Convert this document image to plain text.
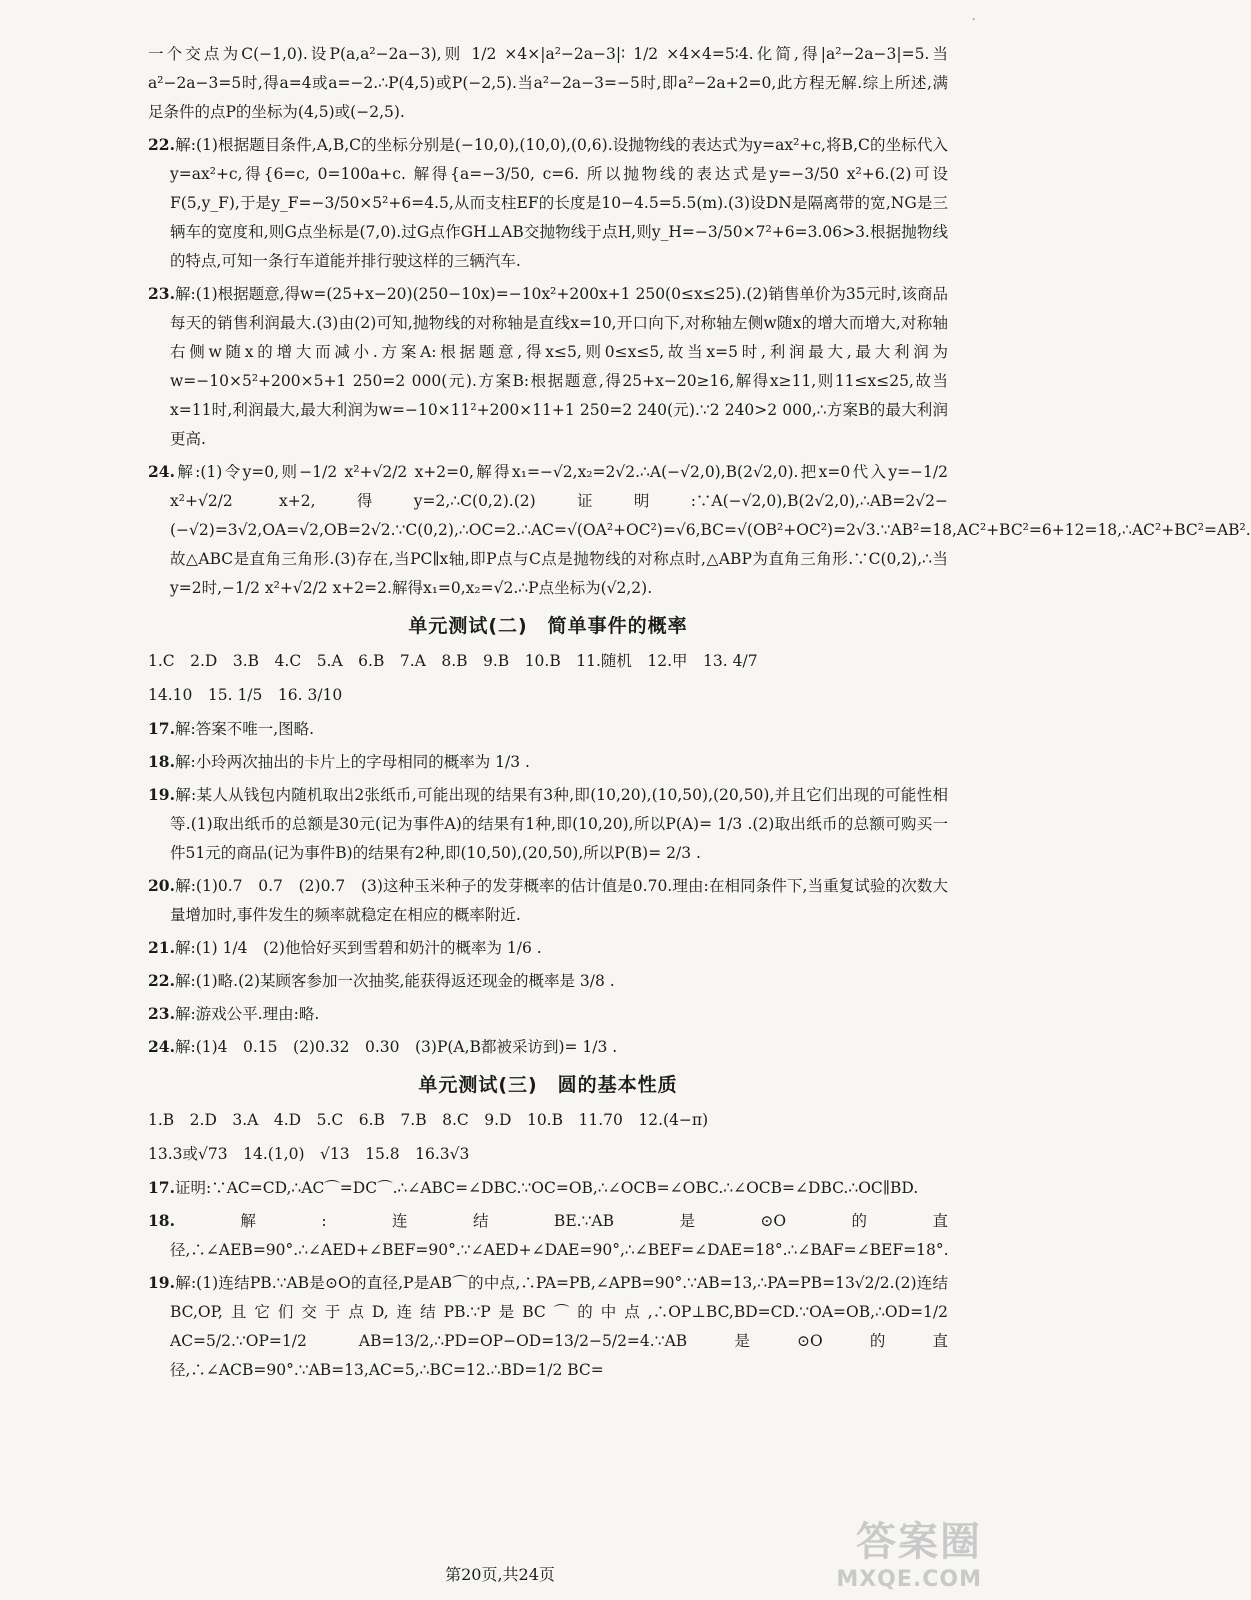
·

一个交点为C(−1,0).设P(a,a²−2a−3),则 1/2 ×4×|a²−2a−3|∶ 1/2 ×4×4=5∶4.化简,得|a²−2a−3|=5.当a²−2a−3=5时,得a=4或a=−2.∴P(4,5)或P(−2,5).当a²−2a−3=−5时,即a²−2a+2=0,此方程无解.综上所述,满足条件的点P的坐标为(4,5)或(−2,5).

22.解:(1)根据题目条件,A,B,C的坐标分别是(−10,0),(10,0),(0,6).设抛物线的表达式为y=ax²+c,将B,C的坐标代入y=ax²+c,得{6=c, 0=100a+c. 解得{a=−3/50, c=6. 所以抛物线的表达式是y=−3/50 x²+6.(2)可设F(5,y_F),于是y_F=−3/50×5²+6=4.5,从而支柱EF的长度是10−4.5=5.5(m).(3)设DN是隔离带的宽,NG是三辆车的宽度和,则G点坐标是(7,0).过G点作GH⊥AB交抛物线于点H,则y_H=−3/50×7²+6=3.06>3.根据抛物线的特点,可知一条行车道能并排行驶这样的三辆汽车.

23.解:(1)根据题意,得w=(25+x−20)(250−10x)=−10x²+200x+1 250(0≤x≤25).(2)销售单价为35元时,该商品每天的销售利润最大.(3)由(2)可知,抛物线的对称轴是直线x=10,开口向下,对称轴左侧w随x的增大而增大,对称轴右侧w随x的增大而减小.方案A:根据题意,得x≤5,则0≤x≤5,故当x=5时,利润最大,最大利润为w=−10×5²+200×5+1 250=2 000(元).方案B:根据题意,得25+x−20≥16,解得x≥11,则11≤x≤25,故当x=11时,利润最大,最大利润为w=−10×11²+200×11+1 250=2 240(元).∵2 240>2 000,∴方案B的最大利润更高.

24.解:(1)令y=0,则−1/2 x²+√2/2 x+2=0,解得x₁=−√2,x₂=2√2.∴A(−√2,0),B(2√2,0).把x=0代入y=−1/2 x²+√2/2 x+2,得y=2,∴C(0,2).(2)证明:∵A(−√2,0),B(2√2,0),∴AB=2√2−(−√2)=3√2,OA=√2,OB=2√2.∵C(0,2),∴OC=2.∴AC=√(OA²+OC²)=√6,BC=√(OB²+OC²)=2√3.∵AB²=18,AC²+BC²=6+12=18,∴AC²+BC²=AB².故△ABC是直角三角形.(3)存在,当PC∥x轴,即P点与C点是抛物线的对称点时,△ABP为直角三角形.∵C(0,2),∴当y=2时,−1/2 x²+√2/2 x+2=2.解得x₁=0,x₂=√2.∴P点坐标为(√2,2).

单元测试(二)　简单事件的概率
1.C　2.D　3.B　4.C　5.A　6.B　7.A　8.B　9.B　10.B　11.随机　12.甲　13. 4/7
14.10　15. 1/5　16. 3/10

17.解:答案不唯一,图略.

18.解:小玲两次抽出的卡片上的字母相同的概率为 1/3 .

19.解:某人从钱包内随机取出2张纸币,可能出现的结果有3种,即(10,20),(10,50),(20,50),并且它们出现的可能性相等.(1)取出纸币的总额是30元(记为事件A)的结果有1种,即(10,20),所以P(A)= 1/3 .(2)取出纸币的总额可购买一件51元的商品(记为事件B)的结果有2种,即(10,50),(20,50),所以P(B)= 2/3 .

20.解:(1)0.7　0.7　(2)0.7　(3)这种玉米种子的发芽概率的估计值是0.70.理由:在相同条件下,当重复试验的次数大量增加时,事件发生的频率就稳定在相应的概率附近.

21.解:(1) 1/4　(2)他恰好买到雪碧和奶汁的概率为 1/6 .

22.解:(1)略.(2)某顾客参加一次抽奖,能获得返还现金的概率是 3/8 .

23.解:游戏公平.理由:略.

24.解:(1)4　0.15　(2)0.32　0.30　(3)P(A,B都被采访到)= 1/3 .

单元测试(三)　圆的基本性质
1.B　2.D　3.A　4.D　5.C　6.B　7.B　8.C　9.D　10.B　11.70　12.(4−π)
13.3或√73　14.(1,0)　√13　15.8　16.3√3

17.证明:∵AC=CD,∴AC⌒=DC⌒.∴∠ABC=∠DBC.∵OC=OB,∴∠OCB=∠OBC.∴∠OCB=∠DBC.∴OC∥BD.

18.解:连结BE.∵AB是⊙O的直径,∴∠AEB=90°.∴∠AED+∠BEF=90°.∵∠AED+∠DAE=90°,∴∠BEF=∠DAE=18°.∴∠BAF=∠BEF=18°.

19.解:(1)连结PB.∵AB是⊙O的直径,P是AB⌒的中点,∴PA=PB,∠APB=90°.∵AB=13,∴PA=PB=13√2/2.(2)连结BC,OP,且它们交于点D,连结PB.∵P是BC⌒的中点,∴OP⊥BC,BD=CD.∵OA=OB,∴OD=1/2 AC=5/2.∵OP=1/2 AB=13/2,∴PD=OP−OD=13/2−5/2=4.∵AB是⊙O的直径,∴∠ACB=90°.∵AB=13,AC=5,∴BC=12.∴BD=1/2 BC=

第20页,共24页
答案圈
MXQE.COM
